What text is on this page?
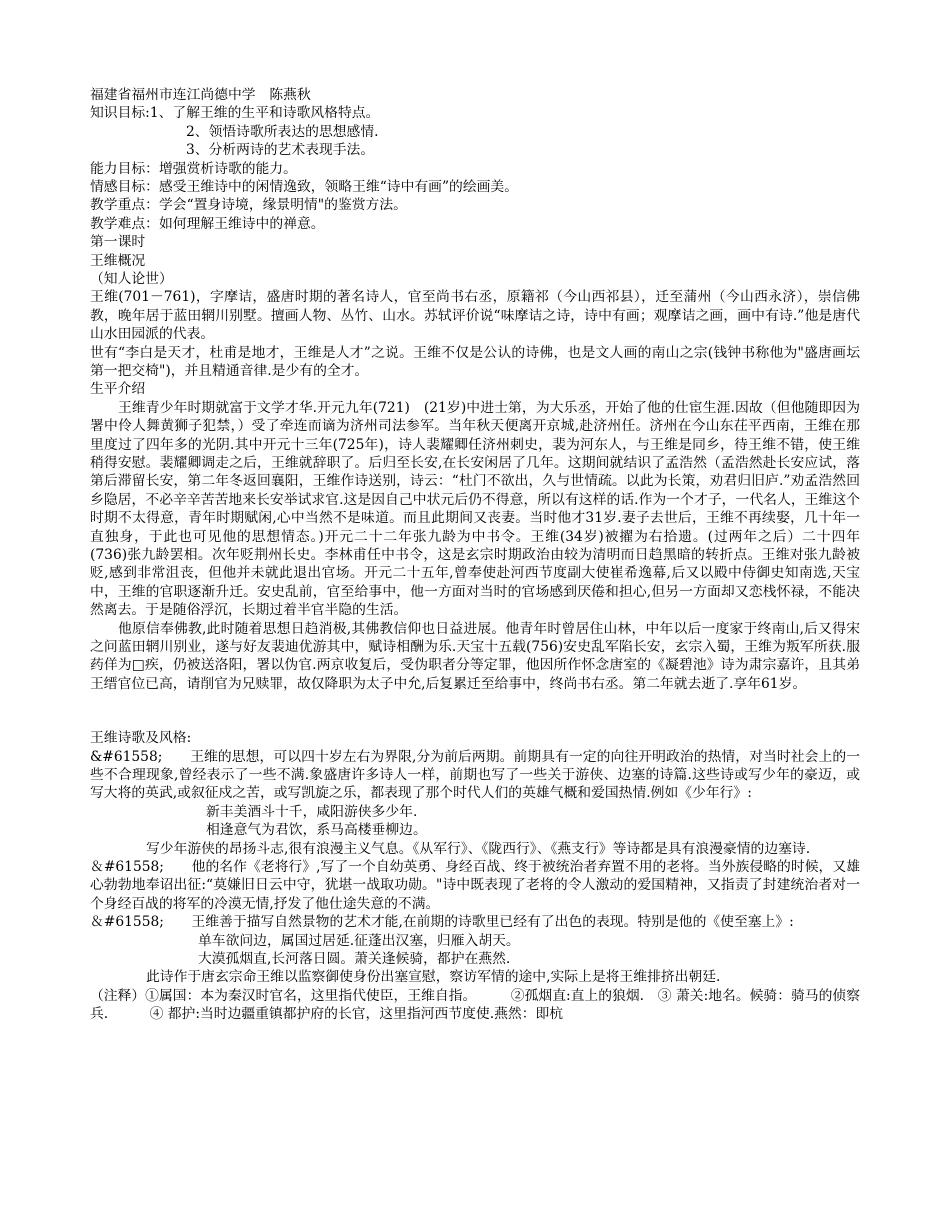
福建省福州市连江尚德中学　 陈燕秋
知识目标:1、了解王维的生平和诗歌风格特点。
2、领悟诗歌所表达的思想感情.
3、分析两诗的艺术表现手法。
能力目标：增强赏析诗歌的能力。
情感目标：感受王维诗中的闲情逸致，领略王维“诗中有画”的绘画美。
教学重点：学会“置身诗境，缘景明情"的鉴赏方法。
教学难点：如何理解王维诗中的禅意。
第一课时
王维概况
（知人论世）
王维(701－761)，字摩诘，盛唐时期的著名诗人，官至尚书右丞，原籍祁（今山西祁县），迁至蒲州（今山西永济），崇信佛教，晚年居于蓝田辋川别墅。擅画人物、丛竹、山水。苏轼评价说“味摩诘之诗，诗中有画；观摩诘之画，画中有诗.”他是唐代山水田园派的代表。
世有“李白是天才，杜甫是地才，王维是人才”之说。王维不仅是公认的诗佛，也是文人画的南山之宗(钱钟书称他为"盛唐画坛第一把交椅")，并且精通音律.是少有的全才。
生平介绍
王维青少年时期就富于文学才华.开元九年(721)　(21岁)中进士第，为大乐丞，开始了他的仕宦生涯.因故（但他随即因为署中伶人舞黄狮子犯禁，）受了牵连而谪为济州司法参军。当年秋天便离开京城,赴济州任。济州在今山东茌平西南，王维在那里度过了四年多的光阴.其中开元十三年(725年)，诗人裴耀卿任济州刺史，裴为河东人，与王维是同乡，待王维不错，使王维稍得安慰。裴耀卿调走之后，王维就辞职了。后归至长安,在长安闲居了几年。这期间就结识了孟浩然（孟浩然赴长安应试，落第后滞留长安，第二年冬返回襄阳，王维作诗送别，诗云：“杜门不欲出，久与世情疏。以此为长策，劝君归旧庐.”劝孟浩然回乡隐居，不必辛辛苦苦地来长安举试求官.这是因自己中状元后仍不得意，所以有这样的话.作为一个才子，一代名人，王维这个时期不太得意，青年时期赋闲,心中当然不是味道。而且此期间又丧妻。当时他才31岁.妻子去世后，王维不再续娶，几十年一直独身，于此也可见他的思想情态。)开元二十二年张九龄为中书令。王维(34岁)被擢为右拾遗。(过两年之后）二十四年　(736)张九龄罢相。次年贬荆州长史。李林甫任中书令，这是玄宗时期政治由较为清明而日趋黑暗的转折点。王维对张九龄被贬,感到非常沮丧，但他并未就此退出官场。开元二十五年,曾奉使赴河西节度副大使崔希逸幕,后又以殿中侍御史知南选,天宝中，王维的官职逐渐升迁。安史乱前，官至给事中，他一方面对当时的官场感到厌倦和担心,但另一方面却又恋栈怀禄，不能决然离去。于是随俗浮沉，长期过着半官半隐的生活。
他原信奉佛教,此时随着思想日趋消极,其佛教信仰也日益进展。他青年时曾居住山林，中年以后一度家于终南山,后又得宋之问蓝田辋川别业，遂与好友裴迪优游其中，赋诗相酬为乐.天宝十五载(756)安史乱军陷长安，玄宗入蜀，王维为叛军所获.服药佯为□疾，仍被送洛阳，署以伪官.两京收复后，受伪职者分等定罪，他因所作怀念唐室的《凝碧池》诗为肃宗嘉许，且其弟王缙官位已高，请削官为兄赎罪，故仅降职为太子中允,后复累迁至给事中，终尚书右丞。第二年就去逝了.享年61岁。
王维诗歌及风格:
&#61558;　　 王维的思想，可以四十岁左右为界限,分为前后两期。前期具有一定的向往开明政治的热情，对当时社会上的一些不合理现象,曾经表示了一些不满.象盛唐许多诗人一样，前期也写了一些关于游侠、边塞的诗篇.这些诗或写少年的豪迈，或写大将的英武,或叙征戍之苦，或写凯旋之乐，都表现了那个时代人们的英雄气概和爱国热情.例如《少年行》:
新丰美酒斗十千，咸阳游侠多少年.
相逢意气为君饮，系马高楼垂柳边。
写少年游侠的昂扬斗志,很有浪漫主义气息。《从军行》、《陇西行》、《燕支行》等诗都是具有浪漫豪情的边塞诗.
＆#61558;　　 他的名作《老将行》,写了一个自幼英勇、身经百战、终于被统治者弃置不用的老将。当外族侵略的时候，又雄心勃勃地奉诏出征:“莫嫌旧日云中守，犹堪一战取功勋。"诗中既表现了老将的令人激动的爱国精神，又指责了封建统治者对一个身经百战的将军的冷漠无情,抒发了他仕途失意的不满。
＆#61558;　　 王维善于描写自然景物的艺术才能,在前期的诗歌里已经有了出色的表现。特别是他的《使至塞上》:
单车欲问边，属国过居延.征蓬出汉塞，归雁入胡天。
大漠孤烟直,长河落日圆。萧关逢候骑，都护在燕然.
此诗作于唐玄宗命王维以监察御使身份出塞宣慰，察访军情的途中,实际上是将王维排挤出朝廷.
（注释）①属国：本为秦汉时官名，这里指代使臣，王维自指。　　　②孤烟直:直上的狼烟.　③ 萧关:地名。候骑：骑马的侦察兵.　　　④ 都护:当时边疆重镇都护府的长官，这里指河西节度使.燕然：即杭
